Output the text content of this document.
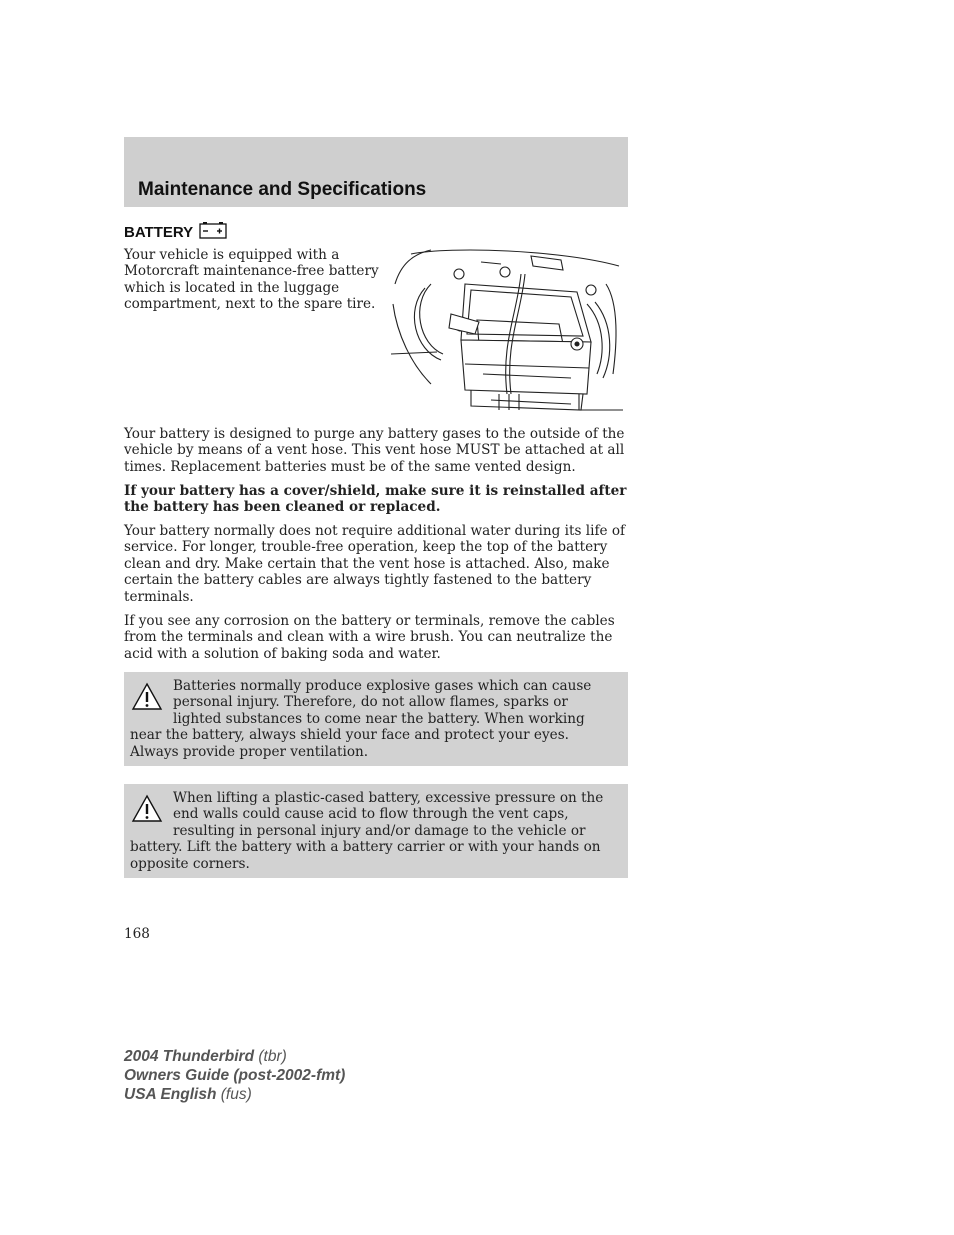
Maintenance and Specifications
BATTERY

Your vehicle is equipped with a Motorcraft maintenance-free battery which is located in the luggage compartment, next to the spare tire.

Your battery is designed to purge any battery gases to the outside of the vehicle by means of a vent hose. This vent hose MUST be attached at all times. Replacement batteries must be of the same vented design.

If your battery has a cover/shield, make sure it is reinstalled after the battery has been cleaned or replaced.

Your battery normally does not require additional water during its life of service. For longer, trouble-free operation, keep the top of the battery clean and dry. Make certain that the vent hose is attached. Also, make certain the battery cables are always tightly fastened to the battery terminals.

If you see any corrosion on the battery or terminals, remove the cables from the terminals and clean with a wire brush. You can neutralize the acid with a solution of baking soda and water.

Batteries normally produce explosive gases which can cause personal injury. Therefore, do not allow flames, sparks or lighted substances to come near the battery. When working near the battery, always shield your face and protect your eyes. Always provide proper ventilation.

When lifting a plastic-cased battery, excessive pressure on the end walls could cause acid to flow through the vent caps, resulting in personal injury and/or damage to the vehicle or battery. Lift the battery with a battery carrier or with your hands on opposite corners.

168

2004 Thunderbird (tbr)
Owners Guide (post-2002-fmt)
USA English (fus)
